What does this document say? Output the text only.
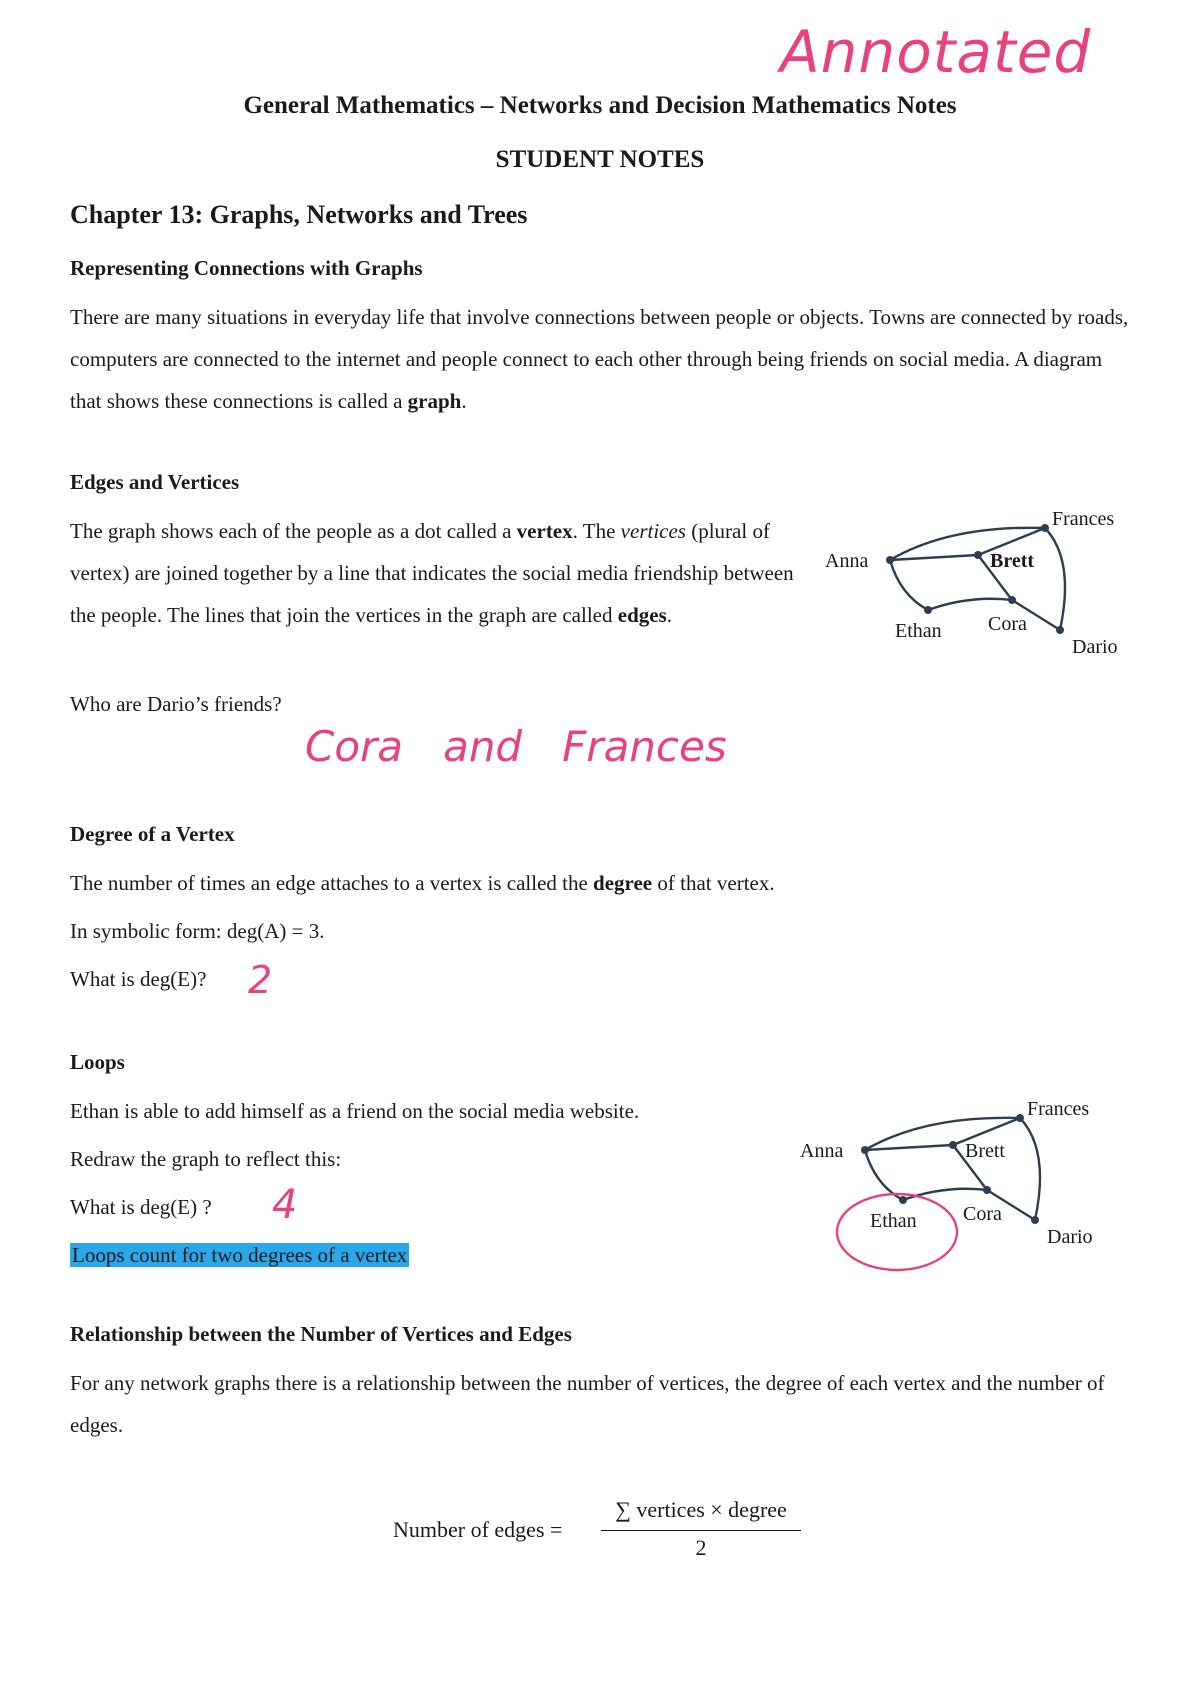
Annotated
General Mathematics – Networks and Decision Mathematics Notes
STUDENT NOTES
Chapter 13: Graphs, Networks and Trees
Representing Connections with Graphs

There are many situations in everyday life that involve connections between people or objects. Towns are connected by roads, computers are connected to the internet and people connect to each other through being friends on social media. A diagram that shows these connections is called a graph.

Edges and Vertices

The graph shows each of the people as a dot called a vertex. The vertices (plural of vertex) are joined together by a line that indicates the social media friendship between the people. The lines that join the vertices in the graph are called edges.

Who are Dario’s friends?
Cora   and   Frances
Anna	Brett
Frances
Ethan Cora
Dario
Degree of a Vertex

The number of times an edge attaches to a vertex is called the degree of that vertex.

In symbolic form: deg(A) = 3.
What is deg(E)? 2
Loops
Ethan is able to add himself as a friend on the social media website.
Redraw the graph to reflect this:
What is deg(E) ? 4
Loops count for two degrees of a vertex
Anna	Brett
Frances
Ethan Cora
Dario
Relationship between the Number of Vertices and Edges
For any network graphs there is a relationship between the number of vertices, the degree of each vertex and the number of edges.
Number of edges =
∑ vertices × degree
2
